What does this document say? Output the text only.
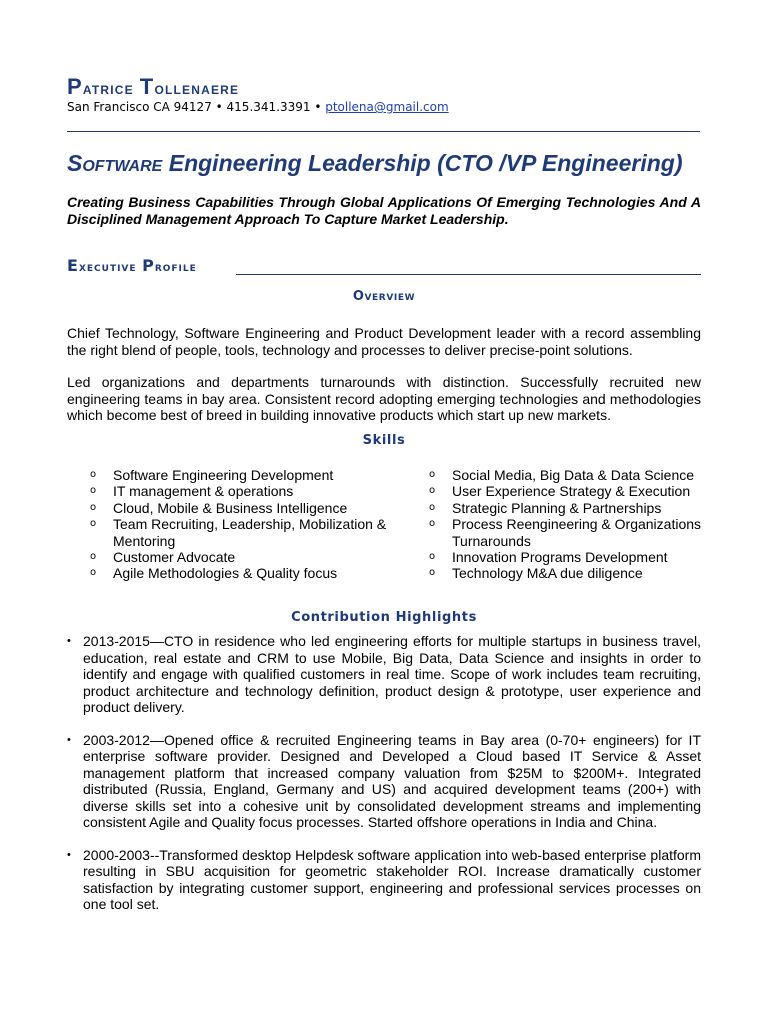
Patrice Tollenaere
San Francisco CA 94127 • 415.341.3391 • ptollena@gmail.com
Software Engineering Leadership (CTO /VP Engineering)
Creating Business Capabilities Through Global Applications Of Emerging Technologies And A Disciplined Management Approach To Capture Market Leadership.
Executive Profile
Overview
Chief Technology, Software Engineering and Product Development leader with a record assembling the right blend of people, tools, technology and processes to deliver precise-point solutions.
Led organizations and departments turnarounds with distinction. Successfully recruited new engineering teams in bay area. Consistent record adopting emerging technologies and methodologies which become best of breed in building innovative products which start up new markets.
Skills
o Software Engineering Development
o IT management & operations
o Cloud, Mobile & Business Intelligence
o Team Recruiting, Leadership, Mobilization & Mentoring
o Customer Advocate
o Agile Methodologies & Quality focus
o Social Media, Big Data & Data Science
o User Experience Strategy & Execution
o Strategic Planning & Partnerships
o Process Reengineering & Organizations Turnarounds
o Innovation Programs Development
o Technology M&A due diligence
Contribution Highlights
• 2013-2015—CTO in residence who led engineering efforts for multiple startups in business travel, education, real estate and CRM to use Mobile, Big Data, Data Science and insights in order to identify and engage with qualified customers in real time. Scope of work includes team recruiting, product architecture and technology definition, product design & prototype, user experience and product delivery.
• 2003-2012—Opened office & recruited Engineering teams in Bay area (0-70+ engineers) for IT enterprise software provider. Designed and Developed a Cloud based IT Service & Asset management platform that increased company valuation from $25M to $200M+. Integrated distributed (Russia, England, Germany and US) and acquired development teams (200+) with diverse skills set into a cohesive unit by consolidated development streams and implementing consistent Agile and Quality focus processes. Started offshore operations in India and China.
• 2000-2003--Transformed desktop Helpdesk software application into web-based enterprise platform resulting in SBU acquisition for geometric stakeholder ROI. Increase dramatically customer satisfaction by integrating customer support, engineering and professional services processes on one tool set.
